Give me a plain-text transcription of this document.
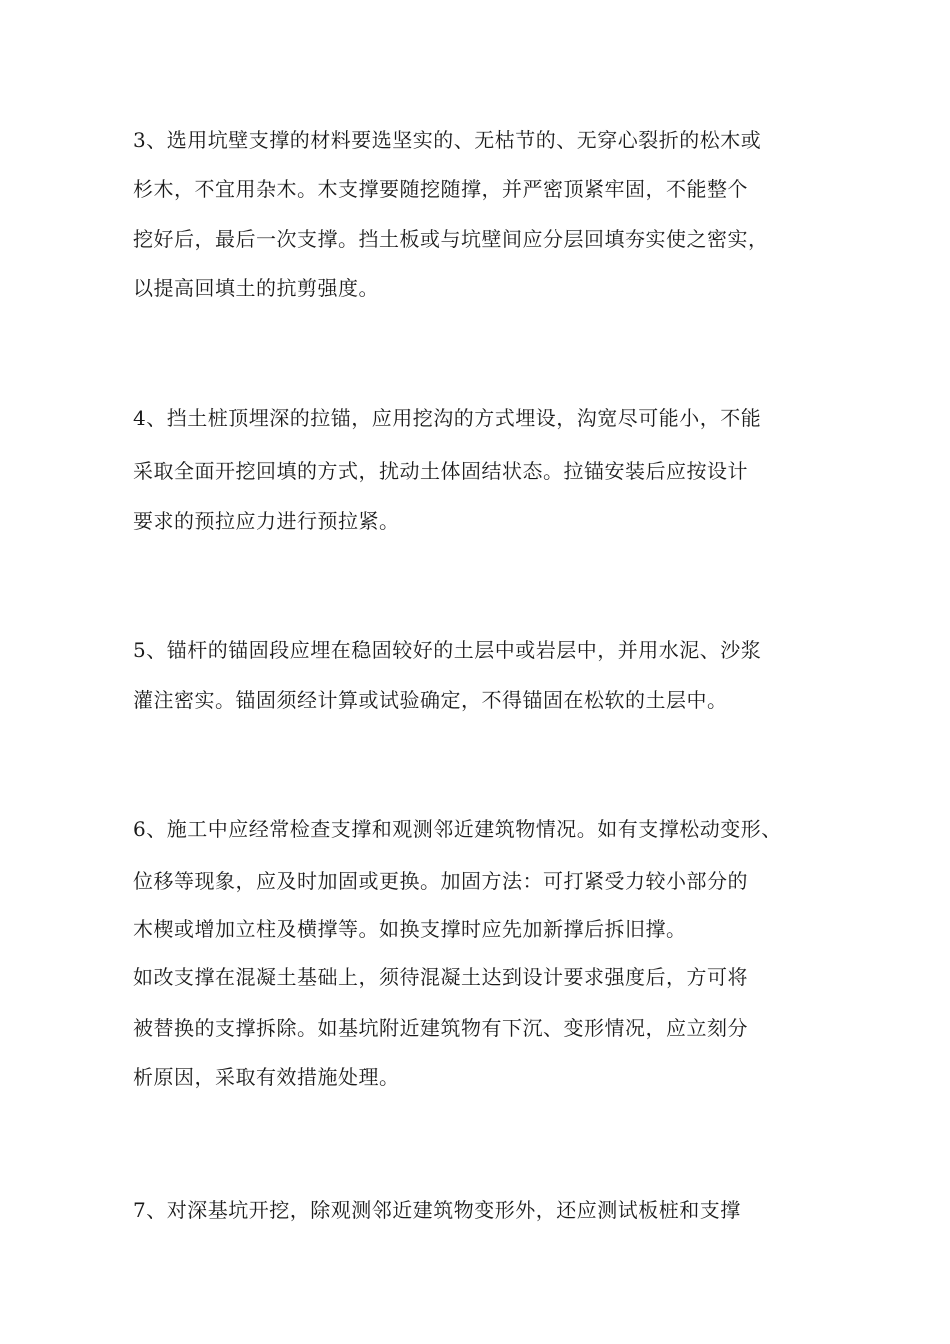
3、选用坑壁支撑的材料要选坚实的、无枯节的、无穿心裂折的松木或
杉木，不宜用杂木。木支撑要随挖随撑，并严密顶紧牢固，不能整个
挖好后，最后一次支撑。挡土板或与坑壁间应分层回填夯实使之密实，
以提高回填土的抗剪强度。
4、挡土桩顶埋深的拉锚，应用挖沟的方式埋设，沟宽尽可能小，不能
采取全面开挖回填的方式，扰动土体固结状态。拉锚安装后应按设计
要求的预拉应力进行预拉紧。
5、锚杆的锚固段应埋在稳固较好的土层中或岩层中，并用水泥、沙浆
灌注密实。锚固须经计算或试验确定，不得锚固在松软的土层中。
6、施工中应经常检查支撑和观测邻近建筑物情况。如有支撑松动变形、
位移等现象，应及时加固或更换。加固方法：可打紧受力较小部分的
木楔或增加立柱及横撑等。如换支撑时应先加新撑后拆旧撑。
如改支撑在混凝土基础上，须待混凝土达到设计要求强度后，方可将
被替换的支撑拆除。如基坑附近建筑物有下沉、变形情况，应立刻分
析原因，采取有效措施处理。
7、对深基坑开挖，除观测邻近建筑物变形外，还应测试板桩和支撑
